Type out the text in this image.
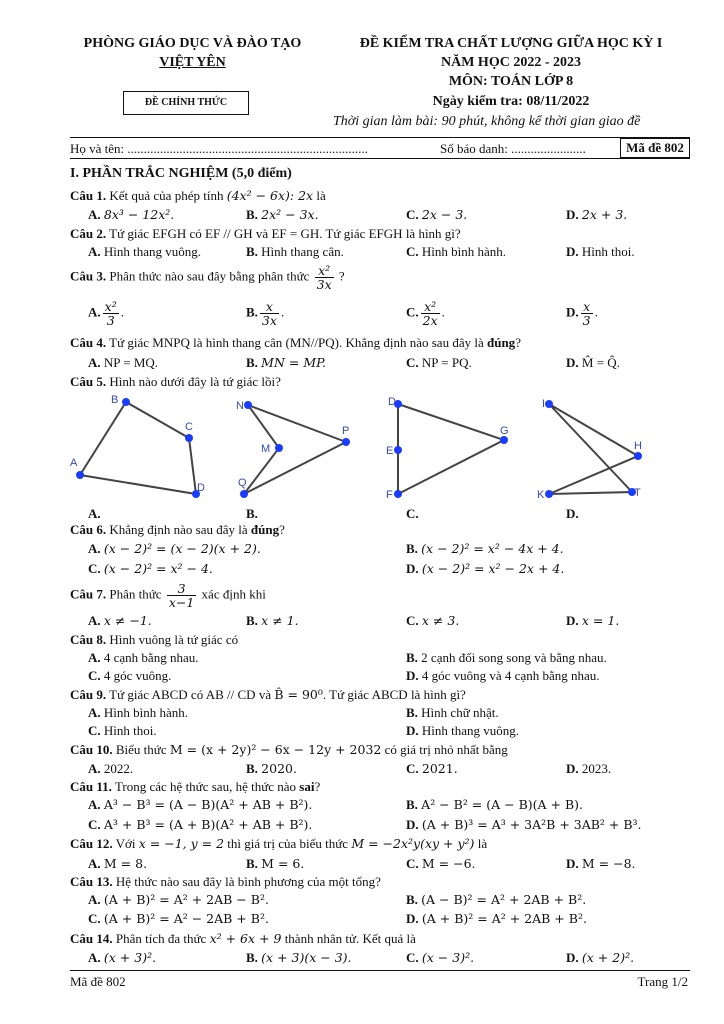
PHÒNG GIÁO DỤC VÀ ĐÀO TẠO
VIỆT YÊN
ĐỀ CHÍNH THỨC
ĐỀ KIỂM TRA CHẤT LƯỢNG GIỮA HỌC KỲ I
NĂM HỌC 2022 - 2023
MÔN: TOÁN LỚP 8
Ngày kiểm tra: 08/11/2022
Thời gian làm bài: 90 phút, không kể thời gian giao đề
Họ và tên: ..........................................................................	Số báo danh: .......................	Mã đề 802
I. PHẦN TRẮC NGHIỆM (5,0 điểm)
Câu 1. Kết quả của phép tính (4x² − 6x): 2x là
A. 8x³ − 12x².	B. 2x² − 3x.	C. 2x − 3.	D. 2x + 3.
Câu 2. Tứ giác EFGH có EF // GH và EF = GH. Tứ giác EFGH là hình gì?
A. Hình thang vuông.	B. Hình thang cân.	C. Hình bình hành.	D. Hình thoi.
Câu 3. Phân thức nào sau đây bằng phân thức $\frac{\text{x²}}{3x}$ ?
A. $\frac{\text{x²}}{3}$ .	B. $\frac{x}{3x}$ .	C. $\frac{\text{x²}}{2x}$ .	D. $\frac{x}{3}$ .
Câu 4. Tứ giác MNPQ là hình thang cân (MN//PQ). Khẳng định nào sau đây là đúng?
A. NP = MQ.	B. MN = MP.	C. NP = PQ.	D. M̂ = Q̂.
Câu 5. Hình nào dưới đây là tứ giác lồi?
B
C
A
D
N
M
P
Q
D
E
G
F
I
H
K	T
A.	B.	C.	D.
Câu 6. Khẳng định nào sau đây là đúng?
A. (x − 2)² = (x − 2)(x + 2).	B. (x − 2)² = x² − 4x + 4.
C. (x − 2)² = x² − 4.	D. (x − 2)² = x² − 2x + 4.
Câu 7. Phân thức $\frac{3}{x-1}$ xác định khi
A. x ≠ −1.	B. x ≠ 1.	C. x ≠ 3.	D. x = 1.
Câu 8. Hình vuông là tứ giác có
A. 4 cạnh bằng nhau.	B. 2 cạnh đối song song và bằng nhau.
C. 4 góc vuông.	D. 4 góc vuông và 4 cạnh bằng nhau.
Câu 9. Tứ giác ABCD có AB // CD và B̂ = 90⁰. Tứ giác ABCD là hình gì?
A. Hình bình hành.	B. Hình chữ nhật.
C. Hình thoi.	D. Hình thang vuông.
Câu 10. Biểu thức M = (x + 2y)² − 6x − 12y + 2032 có giá trị nhỏ nhất bằng
A. 2022.	B. 2020.	C. 2021.	D. 2023.
Câu 11. Trong các hệ thức sau, hệ thức nào sai?
A. A³ − B³ = (A − B)(A² + AB + B²).	B. A² − B² = (A − B)(A + B).
C. A³ + B³ = (A + B)(A² + AB + B²).	D. (A + B)³ = A³ + 3A²B + 3AB² + B³.
Câu 12. Với x = −1, y = 2 thì giá trị của biểu thức M = −2x²y(xy + y²) là
A. M = 8.	B. M = 6.	C. M = −6.	D. M = −8.
Câu 13. Hệ thức nào sau đây là bình phương của một tổng?
A. (A + B)² = A² + 2AB − B².	B. (A − B)² = A² + 2AB + B².
C. (A + B)² = A² − 2AB + B².	D. (A + B)² = A² + 2AB + B².
Câu 14. Phân tích đa thức x² + 6x + 9 thành nhân tử. Kết quả là
A. (x + 3)².	B. (x + 3)(x − 3).	C. (x − 3)².	D. (x + 2)².
Mã đề 802	Trang 1/2
